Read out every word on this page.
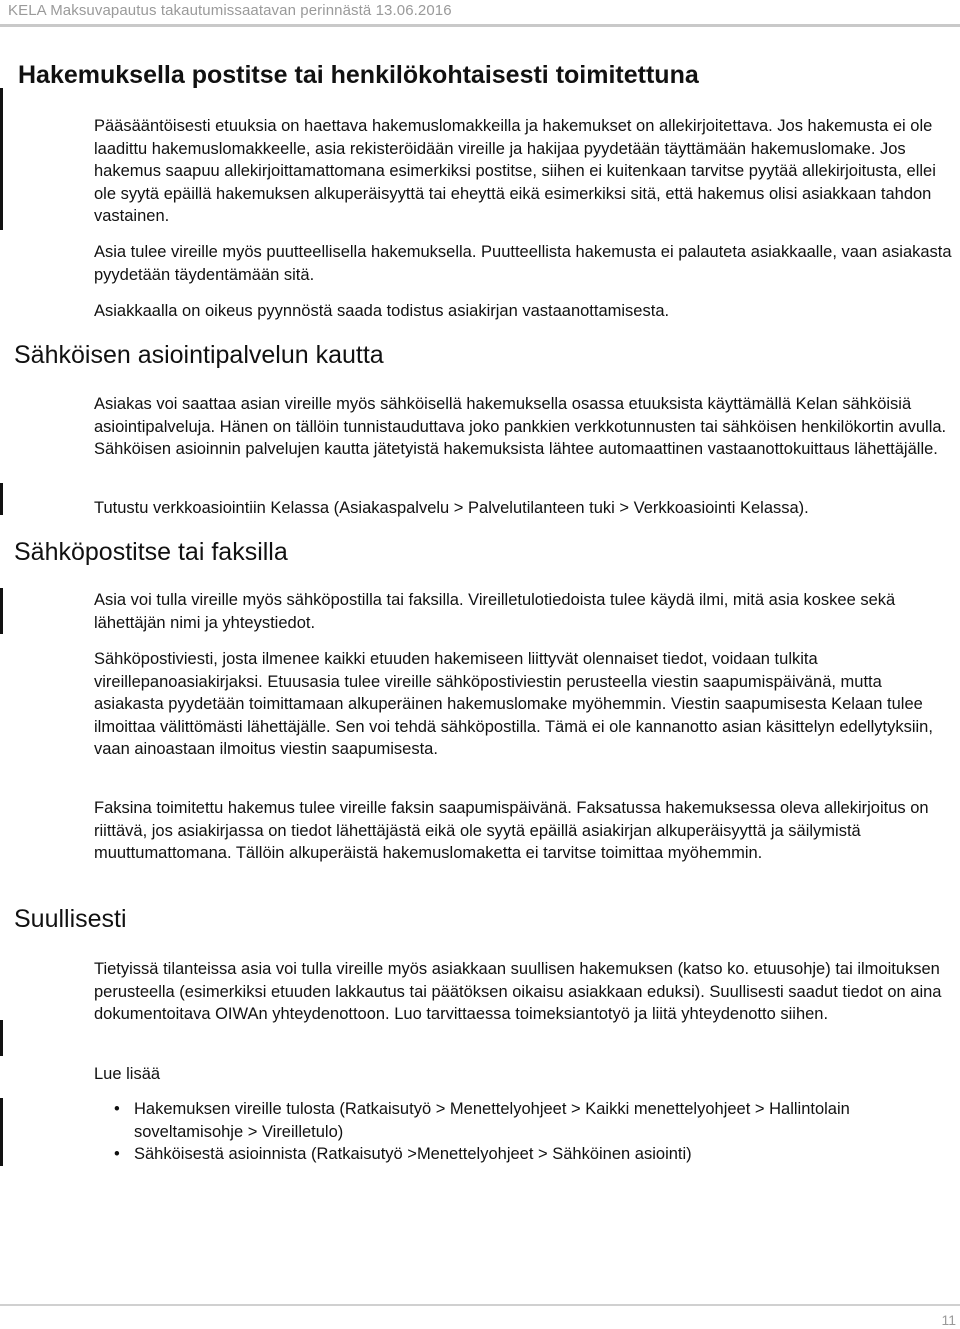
KELA Maksuvapautus takautumissaatavan perinnästä 13.06.2016
Hakemuksella postitse tai henkilökohtaisesti toimitettuna

Pääsääntöisesti etuuksia on haettava hakemuslomakkeilla ja hakemukset on allekirjoitettava. Jos hakemusta ei ole laadittu hakemuslomakkeelle, asia rekisteröidään vireille ja hakijaa pyydetään täyttämään hakemuslomake. Jos hakemus saapuu allekirjoittamattomana esimerkiksi postitse, siihen ei kuitenkaan tarvitse pyytää allekirjoitusta, ellei ole syytä epäillä hakemuksen alkuperäisyyttä tai eheyttä eikä esimerkiksi sitä, että hakemus olisi asiakkaan tahdon vastainen.

Asia tulee vireille myös puutteellisella hakemuksella. Puutteellista hakemusta ei palauteta asiakkaalle, vaan asiakasta pyydetään täydentämään sitä.

Asiakkaalla on oikeus pyynnöstä saada todistus asiakirjan vastaanottamisesta.

Sähköisen asiointipalvelun kautta

Asiakas voi saattaa asian vireille myös sähköisellä hakemuksella osassa etuuksista käyttämällä Kelan sähköisiä asiointipalveluja. Hänen on tällöin tunnistauduttava joko pankkien verkkotunnusten tai sähköisen henkilökortin avulla. Sähköisen asioinnin palvelujen kautta jätetyistä hakemuksista lähtee automaattinen vastaanottokuittaus lähettäjälle.

Tutustu verkkoasiointiin Kelassa (Asiakaspalvelu > Palvelutilanteen tuki > Verkkoasiointi Kelassa).

Sähköpostitse tai faksilla

Asia voi tulla vireille myös sähköpostilla tai faksilla. Vireilletulotiedoista tulee käydä ilmi, mitä asia koskee sekä lähettäjän nimi ja yhteystiedot.

Sähköpostiviesti, josta ilmenee kaikki etuuden hakemiseen liittyvät olennaiset tiedot, voidaan tulkita vireillepanoasiakirjaksi. Etuusasia tulee vireille sähköpostiviestin perusteella viestin saapumispäivänä, mutta asiakasta pyydetään toimittamaan alkuperäinen hakemuslomake myöhemmin. Viestin saapumisesta Kelaan tulee ilmoittaa välittömästi lähettäjälle. Sen voi tehdä sähköpostilla. Tämä ei ole kannanotto asian käsittelyn edellytyksiin, vaan ainoastaan ilmoitus viestin saapumisesta.

Faksina toimitettu hakemus tulee vireille faksin saapumispäivänä. Faksatussa hakemuksessa oleva allekirjoitus on riittävä, jos asiakirjassa on tiedot lähettäjästä eikä ole syytä epäillä asiakirjan alkuperäisyyttä ja säilymistä muuttumattomana. Tällöin alkuperäistä hakemuslomaketta ei tarvitse toimittaa myöhemmin.

Suullisesti

Tietyissä tilanteissa asia voi tulla vireille myös asiakkaan suullisen hakemuksen (katso ko. etuusohje) tai ilmoituksen perusteella (esimerkiksi etuuden lakkautus tai päätöksen oikaisu asiakkaan eduksi). Suullisesti saadut tiedot on aina dokumentoitava OIWAn yhteydenottoon. Luo tarvittaessa toimeksiantotyö ja liitä yhteydenotto siihen.

Lue lisää

• Hakemuksen vireille tulosta (Ratkaisutyö > Menettelyohjeet > Kaikki menettelyohjeet > Hallintolain soveltamisohje > Vireilletulo)
• Sähköisestä asioinnista (Ratkaisutyö >Menettelyohjeet > Sähköinen asiointi)
11
